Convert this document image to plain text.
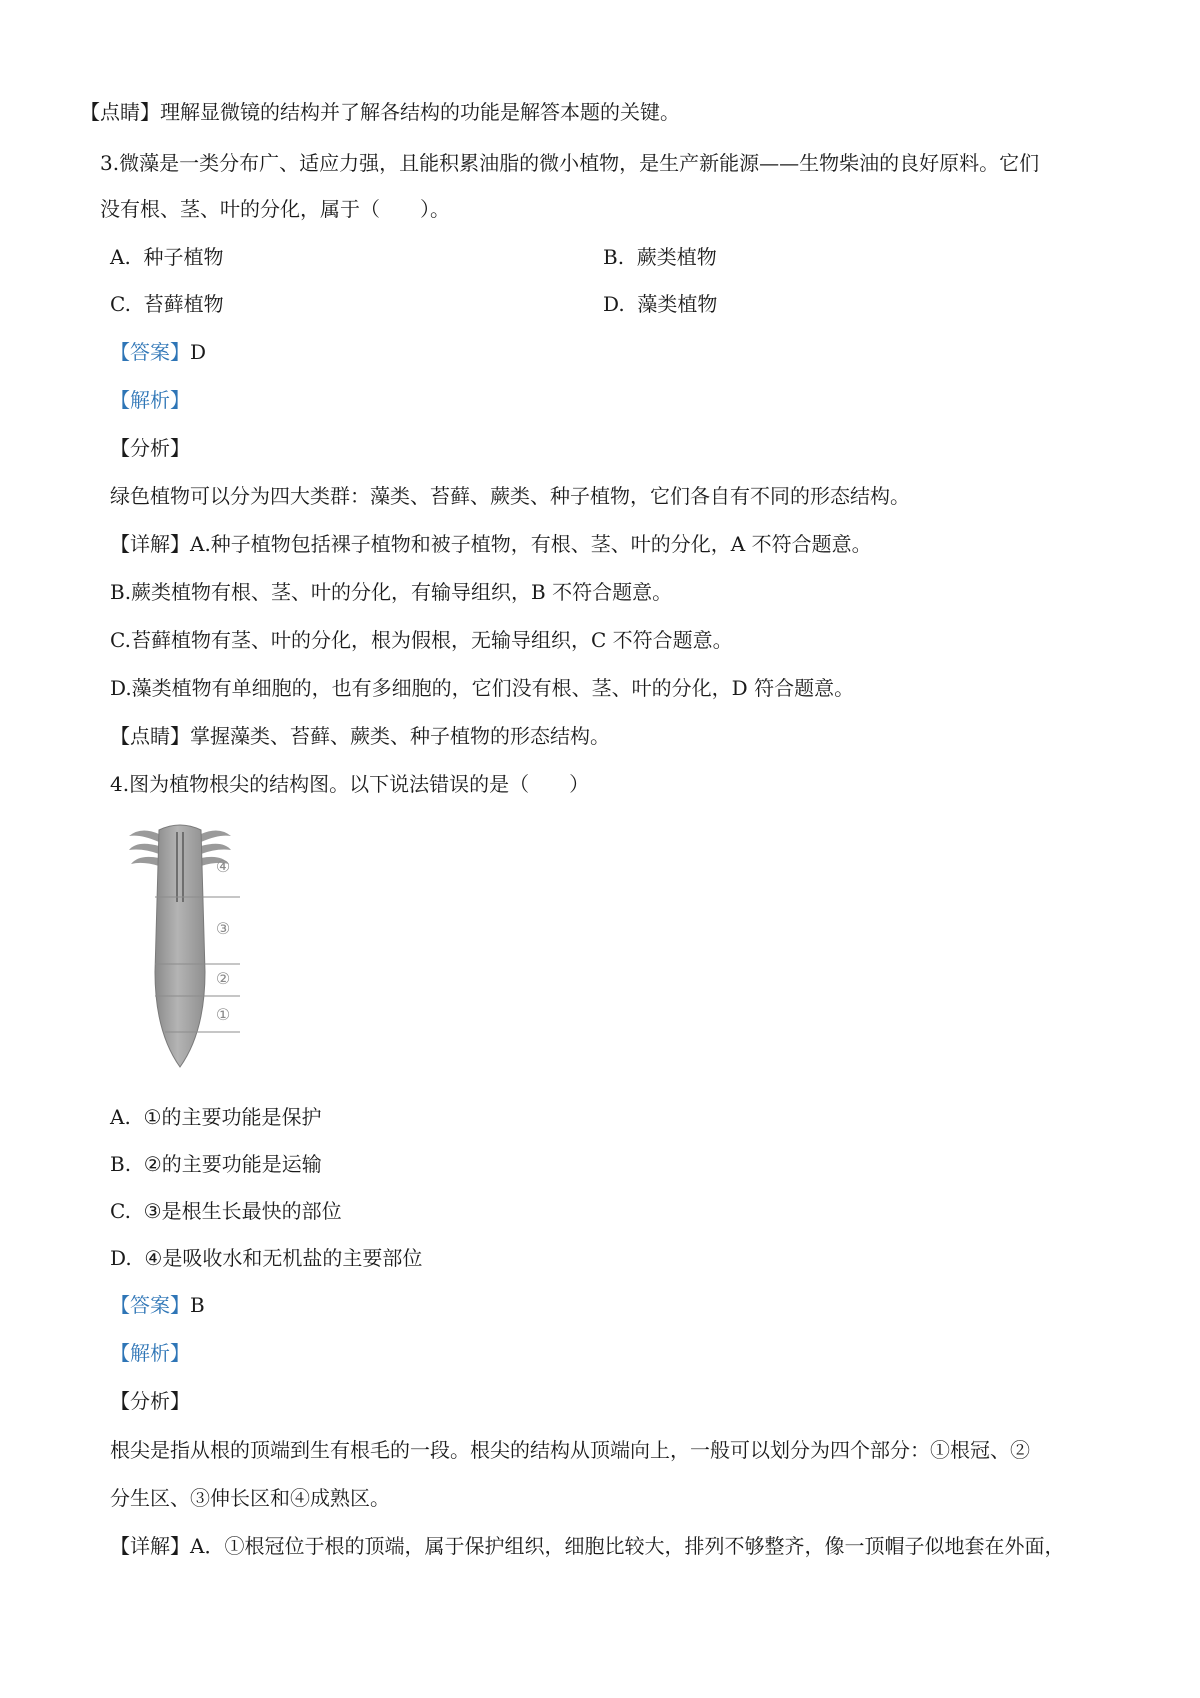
【点睛】理解显微镜的结构并了解各结构的功能是解答本题的关键。
3.微藻是一类分布广、适应力强，且能积累油脂的微小植物，是生产新能源——生物柴油的良好原料。它们
没有根、茎、叶的分化，属于（　　）。
A. 种子植物	B. 蕨类植物
C. 苔藓植物	D. 藻类植物
【答案】D
【解析】
【分析】
绿色植物可以分为四大类群：藻类、苔藓、蕨类、种子植物，它们各自有不同的形态结构。
【详解】A.种子植物包括裸子植物和被子植物，有根、茎、叶的分化，A 不符合题意。
B.蕨类植物有根、茎、叶的分化，有输导组织，B 不符合题意。
C.苔藓植物有茎、叶的分化，根为假根，无输导组织，C 不符合题意。
D.藻类植物有单细胞的，也有多细胞的，它们没有根、茎、叶的分化，D 符合题意。
【点睛】掌握藻类、苔藓、蕨类、种子植物的形态结构。
4.图为植物根尖的结构图。以下说法错误的是（　　）
④
③
②
①
A. ①的主要功能是保护
B. ②的主要功能是运输
C. ③是根生长最快的部位
D. ④是吸收水和无机盐的主要部位
【答案】B
【解析】
【分析】
根尖是指从根的顶端到生有根毛的一段。根尖的结构从顶端向上，一般可以划分为四个部分：①根冠、②
分生区、③伸长区和④成熟区。
【详解】A．①根冠位于根的顶端，属于保护组织，细胞比较大，排列不够整齐，像一顶帽子似地套在外面，
